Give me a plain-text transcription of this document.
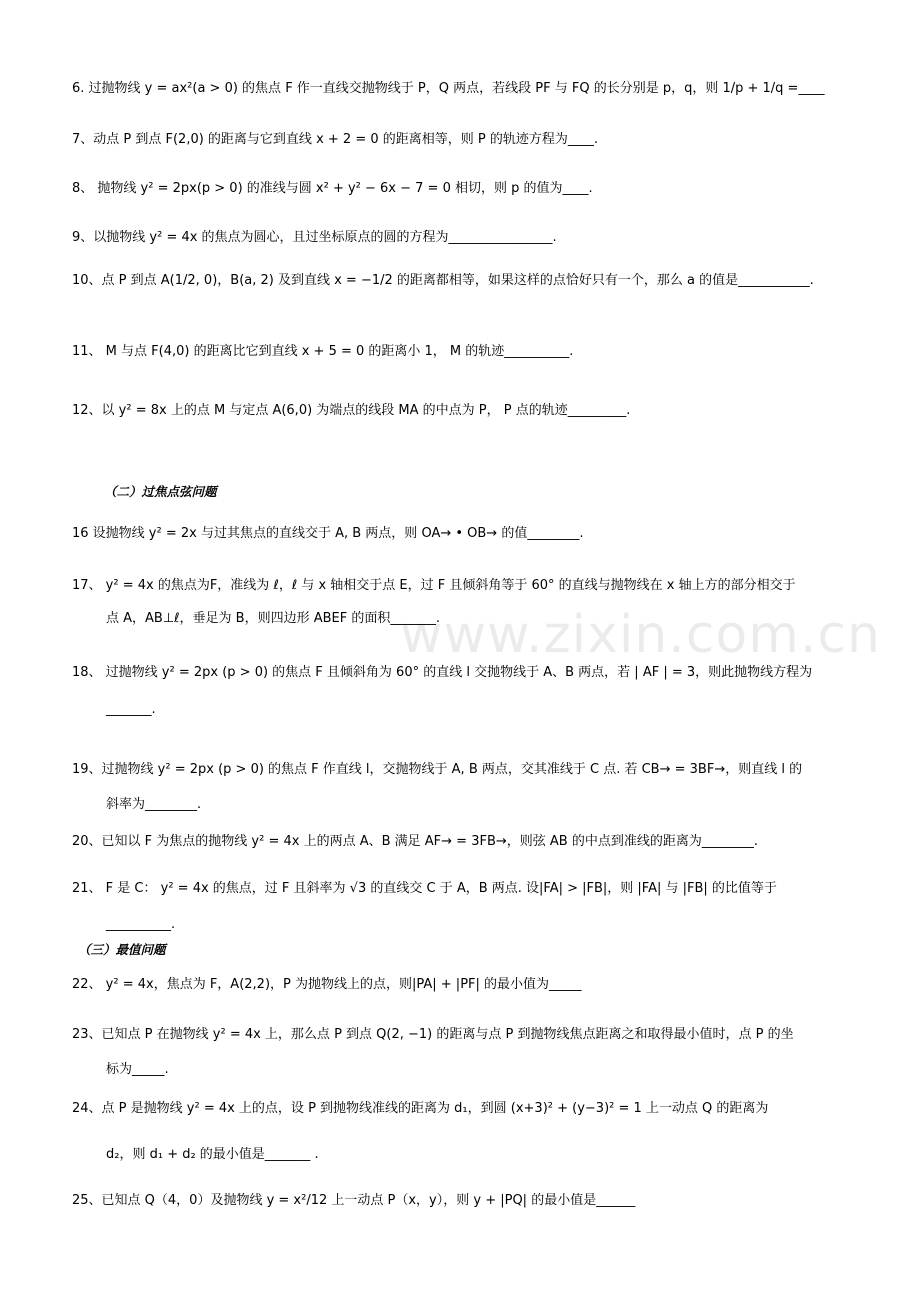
www.zixin.com.cn
6. 过抛物线 y = ax²(a > 0) 的焦点 F 作一直线交抛物线于 P，Q 两点，若线段 PF 与 FQ 的长分别是 p，q，则 1/p + 1/q =____
7、动点 P 到点 F(2,0) 的距离与它到直线 x + 2 = 0 的距离相等，则 P 的轨迹方程为____.
8、 抛物线 y² = 2px(p > 0) 的准线与圆 x² + y² − 6x − 7 = 0 相切，则 p 的值为____.
9、以抛物线 y² = 4x 的焦点为圆心，且过坐标原点的圆的方程为________________.
10、点 P 到点 A(1/2, 0)，B(a, 2) 及到直线 x = −1/2 的距离都相等，如果这样的点恰好只有一个，那么 a 的值是___________.
11、 M 与点 F(4,0) 的距离比它到直线 x + 5 = 0 的距离小 1， M 的轨迹__________.
12、以 y² = 8x 上的点 M 与定点 A(6,0) 为端点的线段 MA 的中点为 P， P 点的轨迹_________.
（二）过焦点弦问题
16 设抛物线 y² = 2x 与过其焦点的直线交于 A, B 两点，则 OA→ • OB→ 的值________.
17、 y² = 4x 的焦点为F，准线为 ℓ，ℓ 与 x 轴相交于点 E，过 F 且倾斜角等于 60° 的直线与抛物线在 x 轴上方的部分相交于
点 A，AB⊥ℓ，垂足为 B，则四边形 ABEF 的面积_______.
18、 过抛物线 y² = 2px (p > 0) 的焦点 F 且倾斜角为 60° 的直线 l 交抛物线于 A、B 两点，若 | AF | = 3，则此抛物线方程为
_______.
19、过抛物线 y² = 2px (p > 0) 的焦点 F 作直线 l，交抛物线于 A, B 两点，交其准线于 C 点. 若 CB→ = 3BF→，则直线 l 的
斜率为________.
20、已知以 F 为焦点的抛物线 y² = 4x 上的两点 A、B 满足 AF→ = 3FB→，则弦 AB 的中点到准线的距离为________.
21、 F 是 C： y² = 4x 的焦点，过 F 且斜率为 √3 的直线交 C 于 A，B 两点. 设|FA| > |FB|，则 |FA| 与 |FB| 的比值等于
__________.
（三）最值问题
22、 y² = 4x，焦点为 F，A(2,2)，P 为抛物线上的点，则|PA| + |PF| 的最小值为_____
23、已知点 P 在抛物线 y² = 4x 上，那么点 P 到点 Q(2, −1) 的距离与点 P 到抛物线焦点距离之和取得最小值时，点 P 的坐
标为_____.
24、点 P 是抛物线 y² = 4x 上的点，设 P 到抛物线准线的距离为 d₁，到圆 (x+3)² + (y−3)² = 1 上一动点 Q 的距离为
d₂，则 d₁ + d₂ 的最小值是_______ .
25、已知点 Q（4，0）及抛物线 y = x²/12 上一动点 P（x，y），则 y + |PQ| 的最小值是______
